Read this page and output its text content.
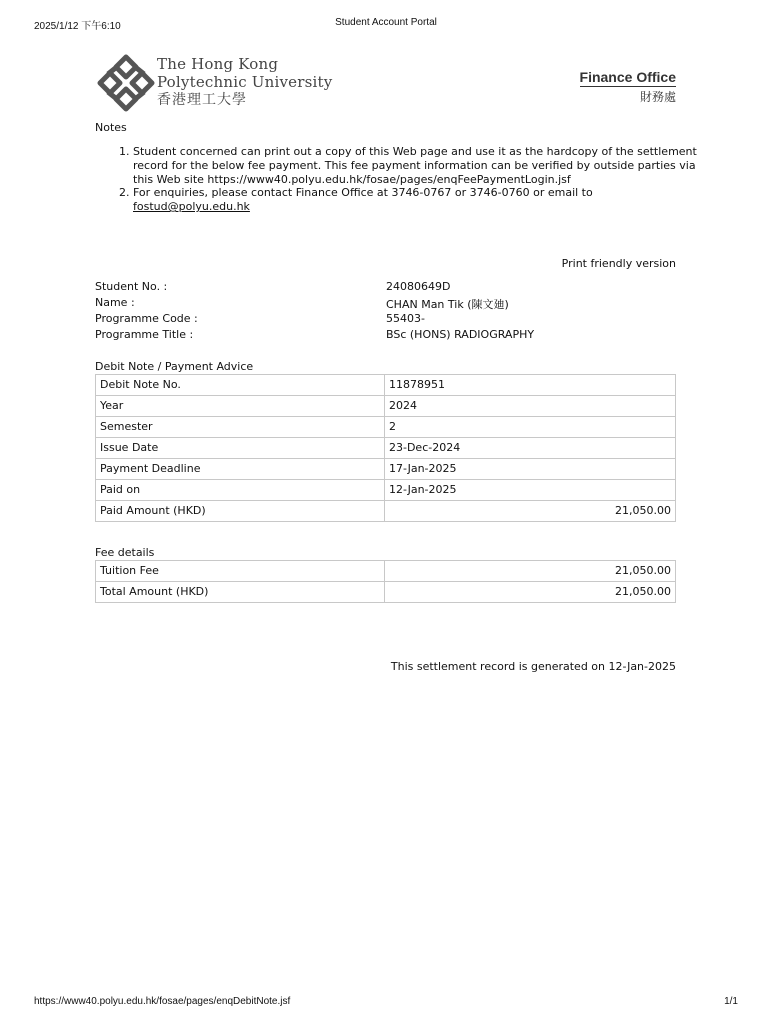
2025/1/12 下午6:10	Student Account Portal
The Hong Kong
Polytechnic University
香港理工大學
Finance Office
財務處
Notes
1. Student concerned can print out a copy of this Web page and use it as the hardcopy of the settlement record for the below fee payment. This fee payment information can be verified by outside parties via this Web site https://www40.polyu.edu.hk/fosae/pages/enqFeePaymentLogin.jsf
2. For enquiries, please contact Finance Office at 3746-0767 or 3746-0760 or email to fostud@polyu.edu.hk
Print friendly version
Student No. :	24080649D
Name :	CHAN Man Tik (陳文廸)
Programme Code :	55403-
Programme Title :	BSc (HONS) RADIOGRAPHY
Debit Note / Payment Advice
Debit Note No.	11878951
Year	2024
Semester	2
Issue Date	23-Dec-2024
Payment Deadline	17-Jan-2025
Paid on	12-Jan-2025
Paid Amount (HKD)	21,050.00
Fee details
Tuition Fee	21,050.00
Total Amount (HKD)	21,050.00
This settlement record is generated on 12-Jan-2025
https://www40.polyu.edu.hk/fosae/pages/enqDebitNote.jsf	1/1
